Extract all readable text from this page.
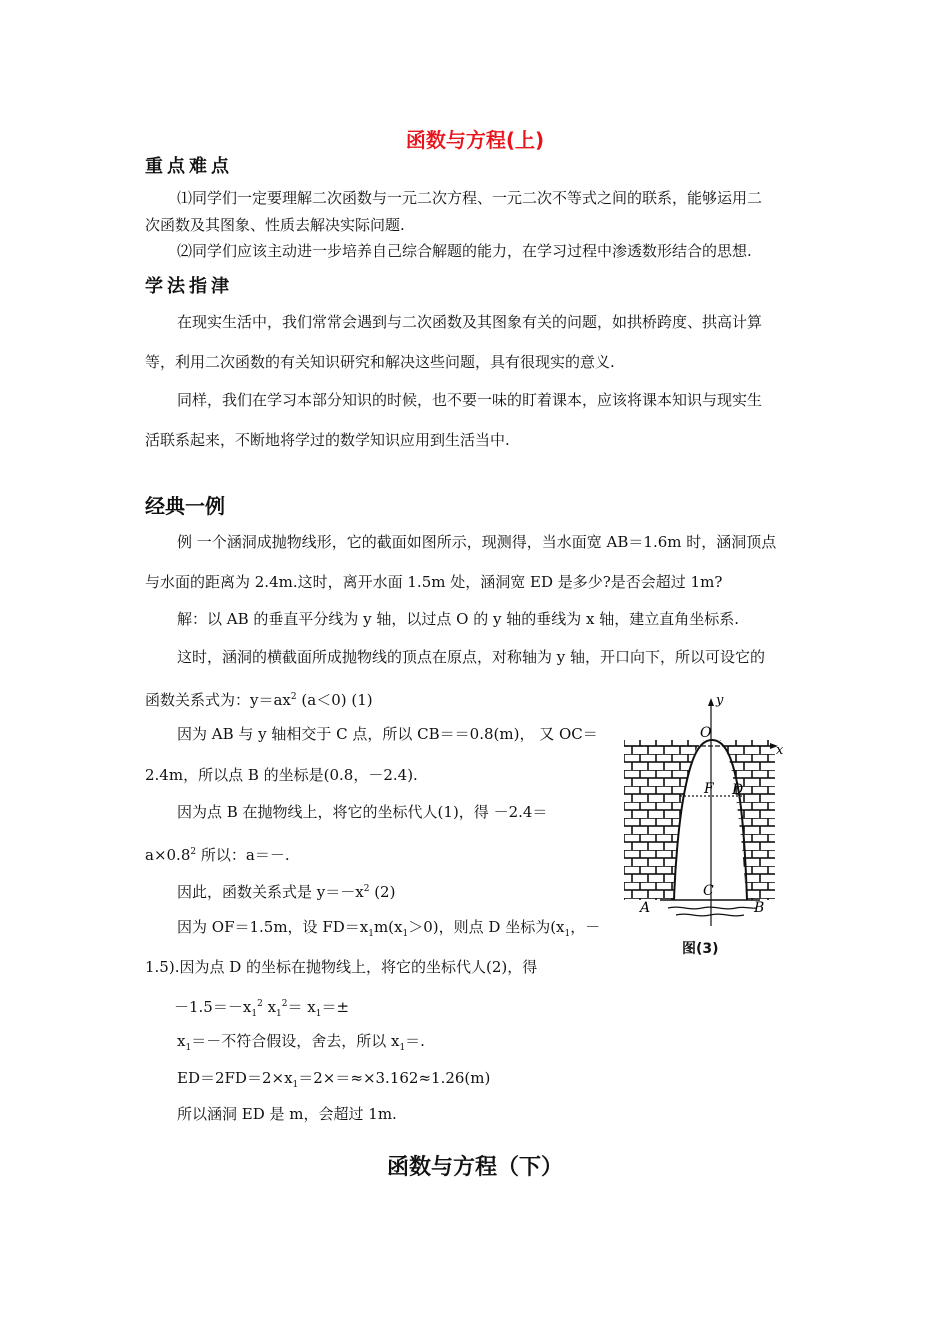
函数与方程(上)
重点难点
⑴同学们一定要理解二次函数与一元二次方程、一元二次不等式之间的联系，能够运用二
次函数及其图象、性质去解决实际问题.
⑵同学们应该主动进一步培养自己综合解题的能力，在学习过程中渗透数形结合的思想.
学法指津
在现实生活中，我们常常会遇到与二次函数及其图象有关的问题，如拱桥跨度、拱高计算
等，利用二次函数的有关知识研究和解决这些问题，具有很现实的意义.
同样，我们在学习本部分知识的时候，也不要一味的盯着课本，应该将课本知识与现实生
活联系起来，不断地将学过的数学知识应用到生活当中.
经典一例
例 一个涵洞成抛物线形，它的截面如图所示，现测得，当水面宽 AB＝1.6m 时，涵洞顶点
与水面的距离为 2.4m.这时，离开水面 1.5m 处，涵洞宽 ED 是多少?是否会超过 1m?
解：以 AB 的垂直平分线为 y 轴，以过点 O 的 y 轴的垂线为 x 轴，建立直角坐标系.
这时，涵洞的横截面所成抛物线的顶点在原点，对称轴为 y 轴，开口向下，所以可设它的
函数关系式为：$y=ax^2$ (a＜0) (1)
因为 AB 与 y 轴相交于 C 点，所以 CB＝＝0.8(m)， 又 OC＝
2.4m，所以点 B 的坐标是(0.8，－2.4).
因为点 B 在抛物线上，将它的坐标代人(1)，得 －2.4＝
$a\times 0.8^2$ 所以：a＝－.
因此，函数关系式是 $y=-x^2$ (2)
因为 OF＝1.5m，设 $FD=x_1m(x_1>0)$，则点 D 坐标为($x_1$，－
1.5).因为点 D 的坐标在抛物线上，将它的坐标代人(2)，得
$-1.5=-x_1^2$ $x_1^2= x_1=\pm$
$x_1=-$不符合假设，舍去，所以 $x_1=$.
$ED=2FD=2\times x_1=2\times=\approx\times 3.162\approx 1.26(m)$
所以涵洞 ED 是 m，会超过 1m.
y
x
O
F D
C
A	B
图(3)
函数与方程（下）
